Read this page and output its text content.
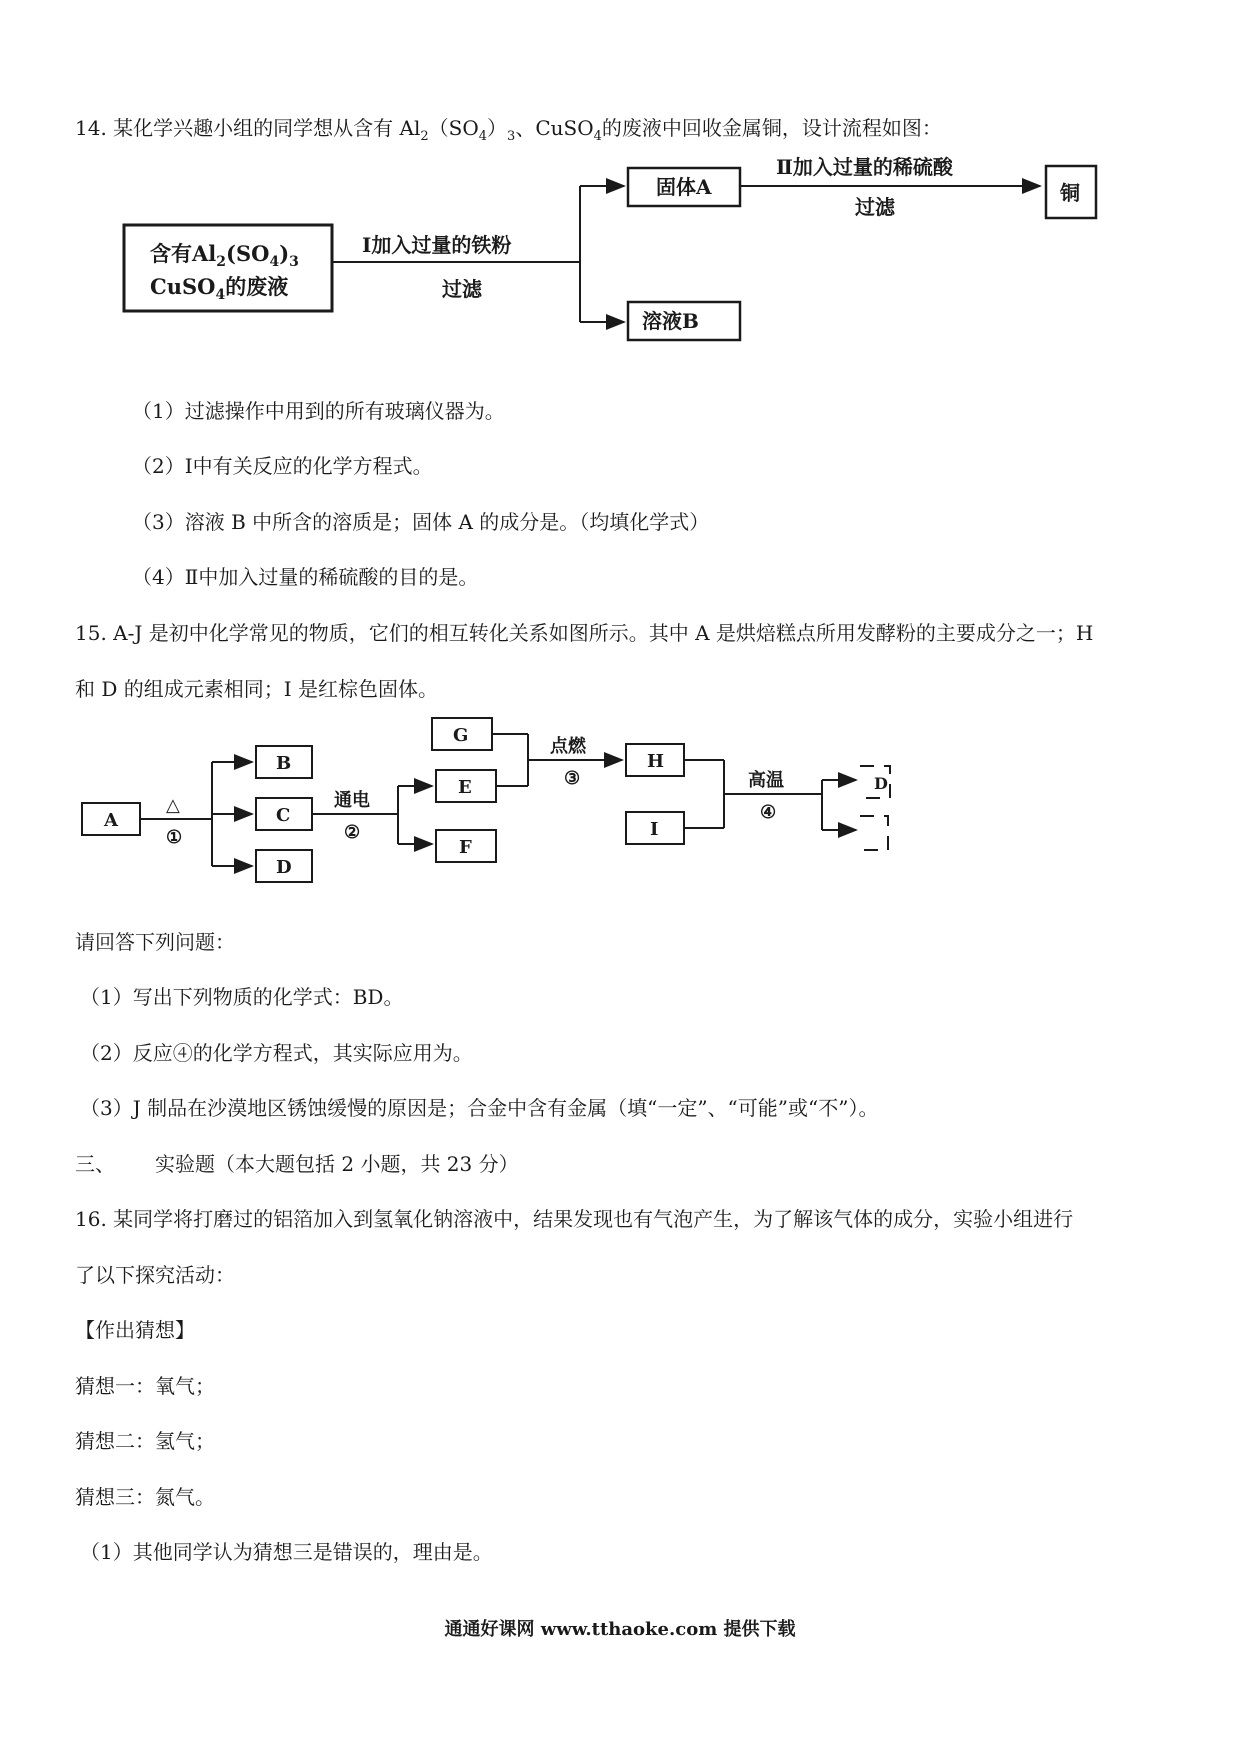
14. 某化学兴趣小组的同学想从含有 $Al_2(SO_4)_3$、CuSO$_4$的废液中回收金属铜，设计流程如图：
含有$Al_2(SO_4)_3$
CuSO$_4$的废液
Ⅰ加入过量的铁粉
过滤
固体A
溶液B
Ⅱ加入过量的稀硫酸
过滤
铜
（1）过滤操作中用到的所有玻璃仪器为。
（2）Ⅰ中有关反应的化学方程式。
（3）溶液 B 中所含的溶质是；固体 A 的成分是。（均填化学式）
（4）Ⅱ中加入过量的稀硫酸的目的是。
15. A-J 是初中化学常见的物质，它们的相互转化关系如图所示。其中 A 是烘焙糕点所用发酵粉的主要成分之一；H
和 D 的组成元素相同；I 是红棕色固体。
A
△
①
B
C
D
通电
②
E
F
G
点燃
③
H
I
高温
④
D
请回答下列问题：
（1）写出下列物质的化学式：BD。
（2）反应④的化学方程式，其实际应用为。
（3）J 制品在沙漠地区锈蚀缓慢的原因是；合金中含有金属（填“一定”、“可能”或“不”）。
三、 实验题（本大题包括 2 小题，共 23 分）
16. 某同学将打磨过的铝箔加入到氢氧化钠溶液中，结果发现也有气泡产生，为了解该气体的成分，实验小组进行
了以下探究活动：
【作出猜想】
猜想一：氧气；
猜想二：氢气；
猜想三：氮气。
（1）其他同学认为猜想三是错误的，理由是。
通通好课网 www.tthaoke.com 提供下载
